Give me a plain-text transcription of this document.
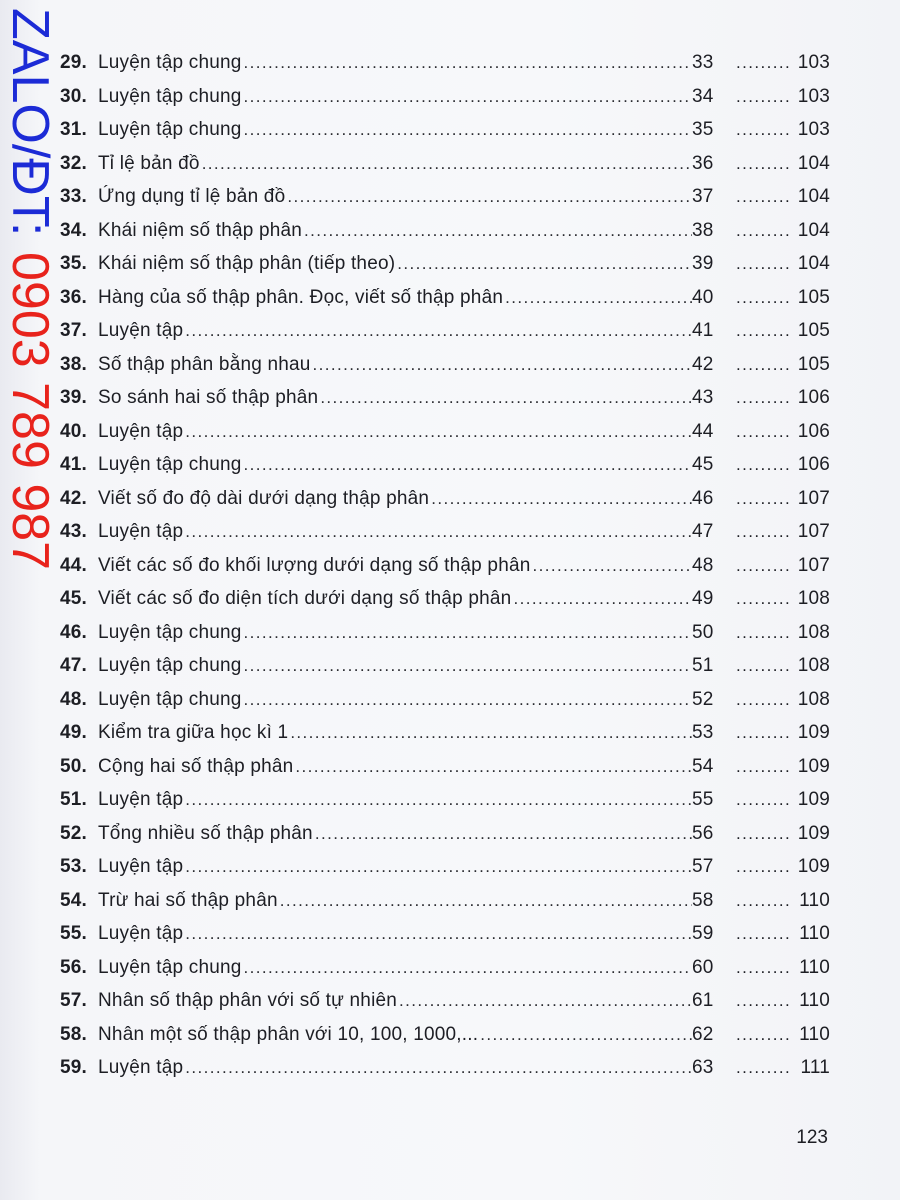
ZALO/ĐT:
0903 789 987
29. Luyện tập chung .....	33 .....	103
30. Luyện tập chung .....	34 .....	103
31. Luyện tập chung .....	35 .....	103
32. Tỉ lệ bản đồ .....	36 .....	104
33. Ứng dụng tỉ lệ bản đồ .....	37 .....	104
34. Khái niệm số thập phân .....	38 .....	104
35. Khái niệm số thập phân (tiếp theo) .....	39 .....	104
36. Hàng của số thập phân. Đọc, viết số thập phân .....	40 .....	105
37. Luyện tập .....	41 .....	105
38. Số thập phân bằng nhau .....	42 .....	105
39. So sánh hai số thập phân .....	43 .....	106
40. Luyện tập .....	44 .....	106
41. Luyện tập chung .....	45 .....	106
42. Viết số đo độ dài dưới dạng thập phân .....	46 .....	107
43. Luyện tập .....	47 .....	107
44. Viết các số đo khối lượng dưới dạng số thập phân .....	48 .....	107
45. Viết các số đo diện tích dưới dạng số thập phân .....	49 .....	108
46. Luyện tập chung .....	50 .....	108
47. Luyện tập chung .....	51 .....	108
48. Luyện tập chung .....	52 .....	108
49. Kiểm tra giữa học kì 1 .....	53 .....	109
50. Cộng hai số thập phân .....	54 .....	109
51. Luyện tập .....	55 .....	109
52. Tổng nhiều số thập phân .....	56 .....	109
53. Luyện tập .....	57 .....	109
54. Trừ hai số thập phân .....	58 .....	110
55. Luyện tập .....	59 .....	110
56. Luyện tập chung .....	60 .....	110
57. Nhân số thập phân với số tự nhiên .....	61 .....	110
58. Nhân một số thập phân với 10, 100, 1000,... .....	62 .....	110
59. Luyện tập .....	63 .....	111
123
